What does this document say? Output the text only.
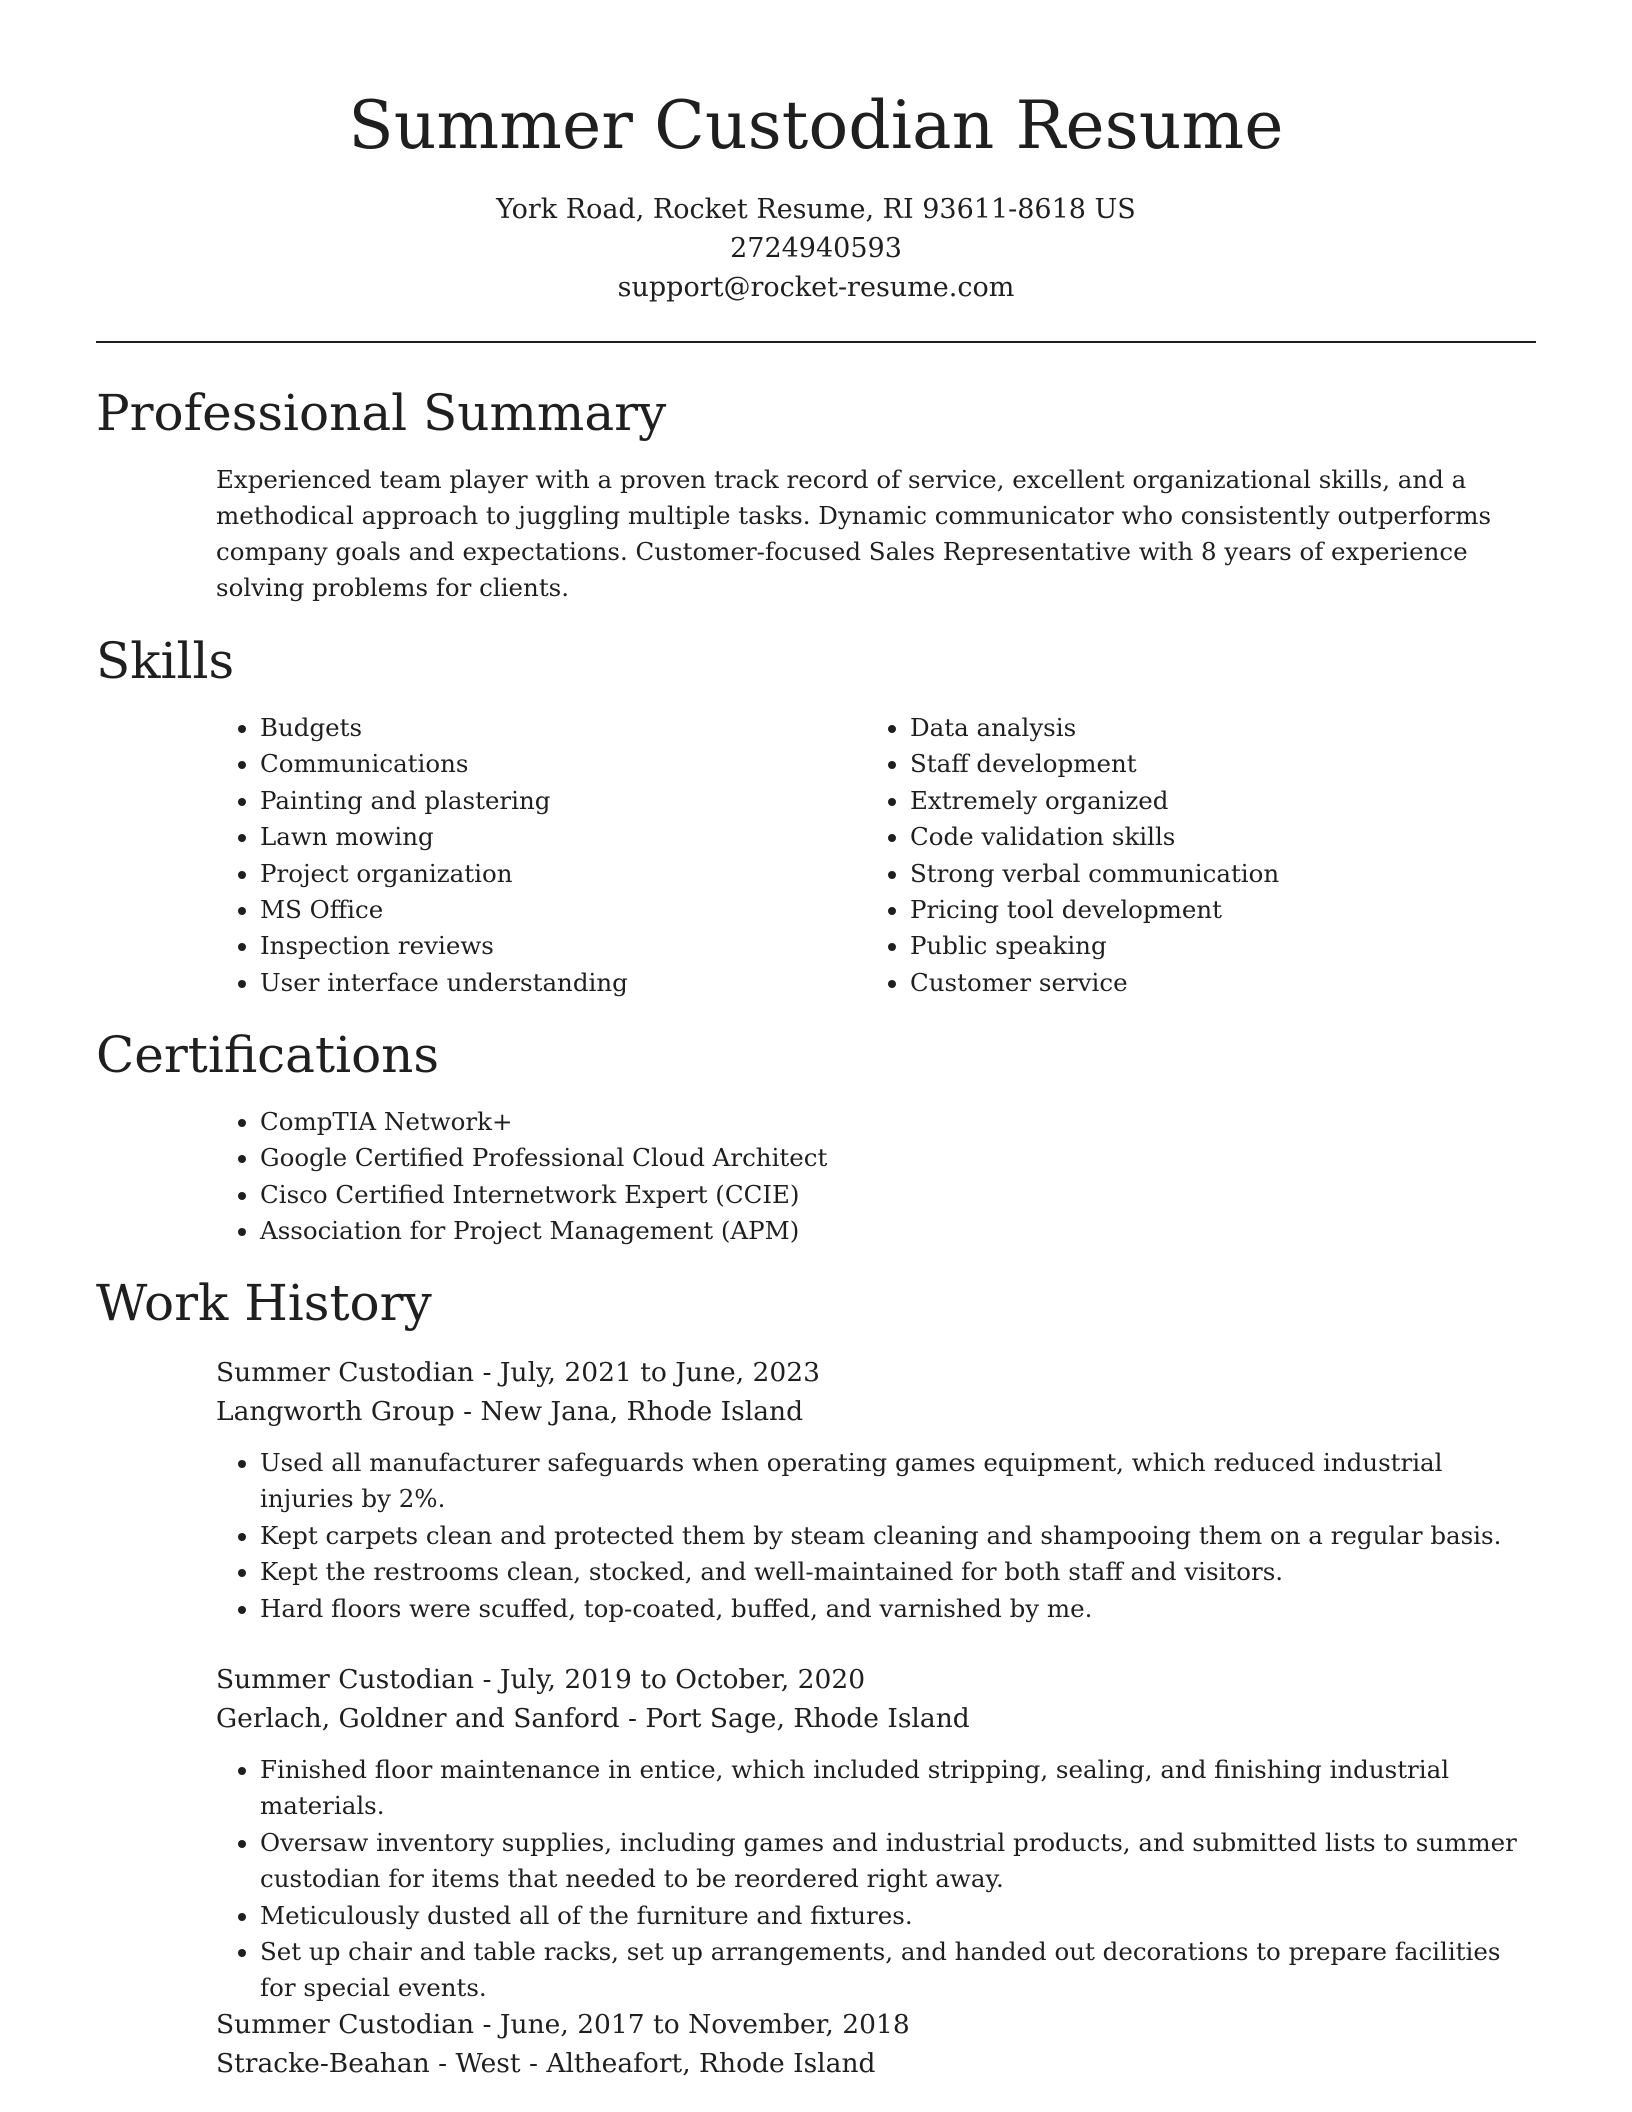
Summer Custodian Resume
York Road, Rocket Resume, RI 93611-8618 US
2724940593
support@rocket-resume.com
Professional Summary

Experienced team player with a proven track record of service, excellent organizational skills, and a methodical approach to juggling multiple tasks. Dynamic communicator who consistently outperforms company goals and expectations. Customer-focused Sales Representative with 8 years of experience solving problems for clients.

Skills
• Budgets
• Communications
• Painting and plastering
• Lawn mowing
• Project organization
• MS Office
• Inspection reviews
• User interface understanding
• Data analysis
• Staff development
• Extremely organized
• Code validation skills
• Strong verbal communication
• Pricing tool development
• Public speaking
• Customer service
Certifications
• CompTIA Network+
• Google Certified Professional Cloud Architect
• Cisco Certified Internetwork Expert (CCIE)
• Association for Project Management (APM)
Work History
Summer Custodian - July, 2021 to June, 2023
Langworth Group - New Jana, Rhode Island
• Used all manufacturer safeguards when operating games equipment, which reduced industrial injuries by 2%.
• Kept carpets clean and protected them by steam cleaning and shampooing them on a regular basis.
• Kept the restrooms clean, stocked, and well-maintained for both staff and visitors.
• Hard floors were scuffed, top-coated, buffed, and varnished by me.
Summer Custodian - July, 2019 to October, 2020
Gerlach, Goldner and Sanford - Port Sage, Rhode Island
• Finished floor maintenance in entice, which included stripping, sealing, and finishing industrial materials.
• Oversaw inventory supplies, including games and industrial products, and submitted lists to summer custodian for items that needed to be reordered right away.
• Meticulously dusted all of the furniture and fixtures.
• Set up chair and table racks, set up arrangements, and handed out decorations to prepare facilities for special events.
Summer Custodian - June, 2017 to November, 2018
Stracke-Beahan - West - Altheafort, Rhode Island
